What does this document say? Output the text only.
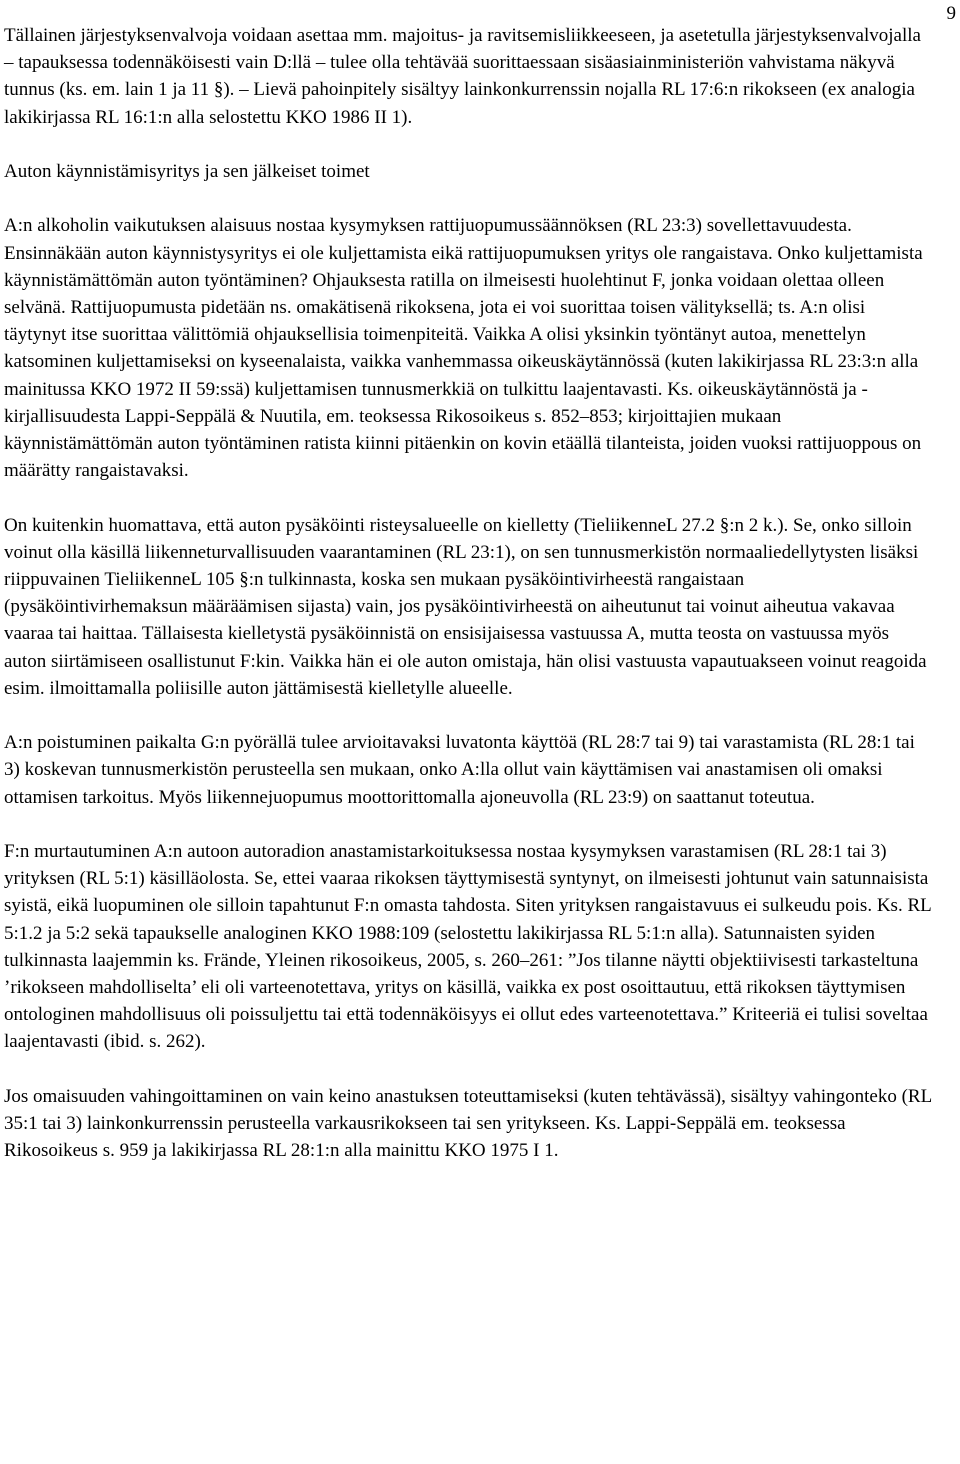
9

Tällainen järjestyksenvalvoja voidaan asettaa mm. majoitus- ja ravitsemisliikkeeseen, ja asetetulla järjestyksenvalvojalla – tapauksessa todennäköisesti vain D:llä – tulee olla tehtävää suorittaessaan sisäasiainministeriön vahvistama näkyvä tunnus (ks. em. lain 1 ja 11 §). – Lievä pahoinpitely sisältyy lainkonkurrenssin nojalla RL 17:6:n rikokseen (ex analogia lakikirjassa RL 16:1:n alla selostettu KKO 1986 II 1).

Auton käynnistämisyritys ja sen jälkeiset toimet

A:n alkoholin vaikutuksen alaisuus nostaa kysymyksen rattijuopumussäännöksen (RL 23:3) sovellettavuudesta. Ensinnäkään auton käynnistysyritys ei ole kuljettamista eikä rattijuopumuksen yritys ole rangaistava. Onko kuljettamista käynnistämättömän auton työntäminen? Ohjauksesta ratilla on ilmeisesti huolehtinut F, jonka voidaan olettaa olleen selvänä. Rattijuopumusta pidetään ns. omakätisenä rikoksena, jota ei voi suorittaa toisen välityksellä; ts. A:n olisi täytynyt itse suorittaa välittömiä ohjauksellisia toimenpiteitä. Vaikka A olisi yksinkin työntänyt autoa, menettelyn katsominen kuljettamiseksi on kyseenalaista, vaikka vanhemmassa oikeuskäytännössä (kuten lakikirjassa RL 23:3:n alla mainitussa KKO 1972 II 59:ssä) kuljettamisen tunnusmerkkiä on tulkittu laajentavasti. Ks. oikeuskäytännöstä ja -kirjallisuudesta Lappi-Seppälä & Nuutila, em. teoksessa Rikosoikeus s. 852–853; kirjoittajien mukaan käynnistämättömän auton työntäminen ratista kiinni pitäenkin on kovin etäällä tilanteista, joiden vuoksi rattijuoppous on määrätty rangaistavaksi.

On kuitenkin huomattava, että auton pysäköinti risteysalueelle on kielletty (TieliikenneL 27.2 §:n 2 k.). Se, onko silloin voinut olla käsillä liikenneturvallisuuden vaarantaminen (RL 23:1), on sen tunnusmerkistön normaaliedellytysten lisäksi riippuvainen TieliikenneL 105 §:n tulkinnasta, koska sen mukaan pysäköintivirheestä rangaistaan (pysäköintivirhemaksun määräämisen sijasta) vain, jos pysäköintivirheestä on aiheutunut tai voinut aiheutua vakavaa vaaraa tai haittaa. Tällaisesta kielletystä pysäköinnistä on ensisijaisessa vastuussa A, mutta teosta on vastuussa myös auton siirtämiseen osallistunut F:kin. Vaikka hän ei ole auton omistaja, hän olisi vastuusta vapautuakseen voinut reagoida esim. ilmoittamalla poliisille auton jättämisestä kielletylle alueelle.

A:n poistuminen paikalta G:n pyörällä tulee arvioitavaksi luvatonta käyttöä (RL 28:7 tai 9) tai varastamista (RL 28:1 tai 3) koskevan tunnusmerkistön perusteella sen mukaan, onko A:lla ollut vain käyttämisen vai anastamisen oli omaksi ottamisen tarkoitus. Myös liikennejuopumus moottorittomalla ajoneuvolla (RL 23:9) on saattanut toteutua.

F:n murtautuminen A:n autoon autoradion anastamistarkoituksessa nostaa kysymyksen varastamisen (RL 28:1 tai 3) yrityksen (RL 5:1) käsilläolosta. Se, ettei vaaraa rikoksen täyttymisestä syntynyt, on ilmeisesti johtunut vain satunnaisista syistä, eikä luopuminen ole silloin tapahtunut F:n omasta tahdosta. Siten yrityksen rangaistavuus ei sulkeudu pois. Ks. RL 5:1.2 ja 5:2 sekä tapaukselle analoginen KKO 1988:109 (selostettu lakikirjassa RL 5:1:n alla). Satunnaisten syiden tulkinnasta laajemmin ks. Frände, Yleinen rikosoikeus, 2005, s. 260–261: ”Jos tilanne näytti objektiivisesti tarkasteltuna ’rikokseen mahdolliselta’ eli oli varteenotettava, yritys on käsillä, vaikka ex post osoittautuu, että rikoksen täyttymisen ontologinen mahdollisuus oli poissuljettu tai että todennäköisyys ei ollut edes varteenotettava.” Kriteeriä ei tulisi soveltaa laajentavasti (ibid. s. 262).

Jos omaisuuden vahingoittaminen on vain keino anastuksen toteuttamiseksi (kuten tehtävässä), sisältyy vahingonteko (RL 35:1 tai 3) lainkonkurrenssin perusteella varkausrikokseen tai sen yritykseen. Ks. Lappi-Seppälä em. teoksessa Rikosoikeus s. 959 ja lakikirjassa RL 28:1:n alla mainittu KKO 1975 I 1.
